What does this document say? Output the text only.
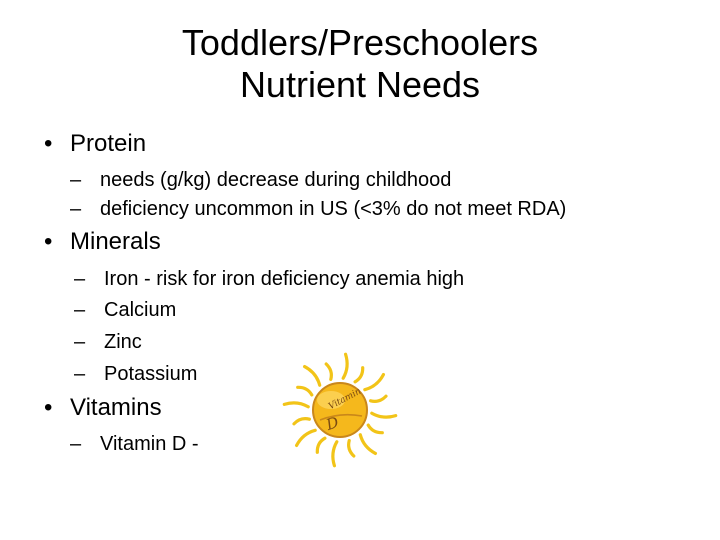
Toddlers/Preschoolers
Nutrient Needs
• Protein
– needs (g/kg) decrease during childhood
– deficiency uncommon in US (<3% do not meet RDA)
• Minerals
– Iron - risk for iron deficiency anemia high
– Calcium
– Zinc
– Potassium
• Vitamins
– Vitamin D -
Vitamin
D
